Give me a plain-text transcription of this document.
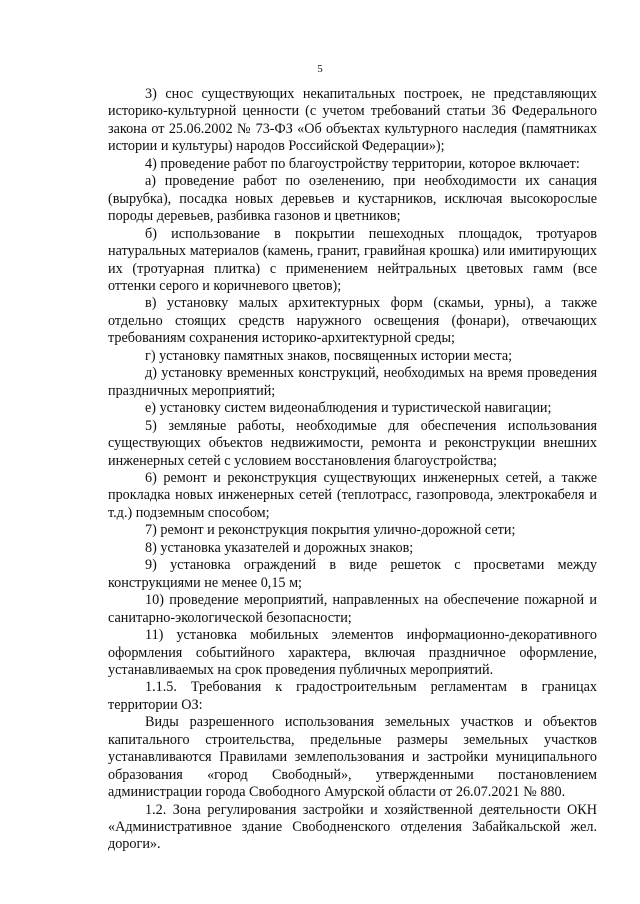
5

3) снос существующих некапитальных построек, не представляющих историко-культурной ценности (с учетом требований статьи 36 Федерального закона от 25.06.2002 № 73-ФЗ «Об объектах культурного наследия (памятниках истории и культуры) народов Российской Федерации»);

4) проведение работ по благоустройству территории, которое включает:

а) проведение работ по озеленению, при необходимости их санация (вырубка), посадка новых деревьев и кустарников, исключая высокорослые породы деревьев, разбивка газонов и цветников;

б) использование в покрытии пешеходных площадок, тротуаров натуральных материалов (камень, гранит, гравийная крошка) или имитирующих их (тротуарная плитка) с применением нейтральных цветовых гамм (все оттенки серого и коричневого цветов);

в) установку малых архитектурных форм (скамьи, урны), а также отдельно стоящих средств наружного освещения (фонари), отвечающих требованиям сохранения историко-архитектурной среды;

г) установку памятных знаков, посвященных истории места;

д) установку временных конструкций, необходимых на время проведения праздничных мероприятий;

е) установку систем видеонаблюдения и туристической навигации;

5) земляные работы, необходимые для обеспечения использования существующих объектов недвижимости, ремонта и реконструкции внешних инженерных сетей с условием восстановления благоустройства;

6) ремонт и реконструкция существующих инженерных сетей, а также прокладка новых инженерных сетей (теплотрасс, газопровода, электрокабеля и т.д.) подземным способом;

7) ремонт и реконструкция покрытия улично-дорожной сети;

8) установка указателей и дорожных знаков;

9) установка ограждений в виде решеток с просветами между конструкциями не менее 0,15 м;

10) проведение мероприятий, направленных на обеспечение пожарной и санитарно-экологической безопасности;

11) установка мобильных элементов информационно-декоративного оформления событийного характера, включая праздничное оформление, устанавливаемых на срок проведения публичных мероприятий.

1.1.5. Требования к градостроительным регламентам в границах территории ОЗ:

Виды разрешенного использования земельных участков и объектов капитального строительства, предельные размеры земельных участков устанавливаются Правилами землепользования и застройки муниципального образования «город Свободный», утвержденными постановлением администрации города Свободного Амурской области от 26.07.2021 № 880.

1.2. Зона регулирования застройки и хозяйственной деятельности ОКН «Административное здание Свободненского отделения Забайкальской жел. дороги».
